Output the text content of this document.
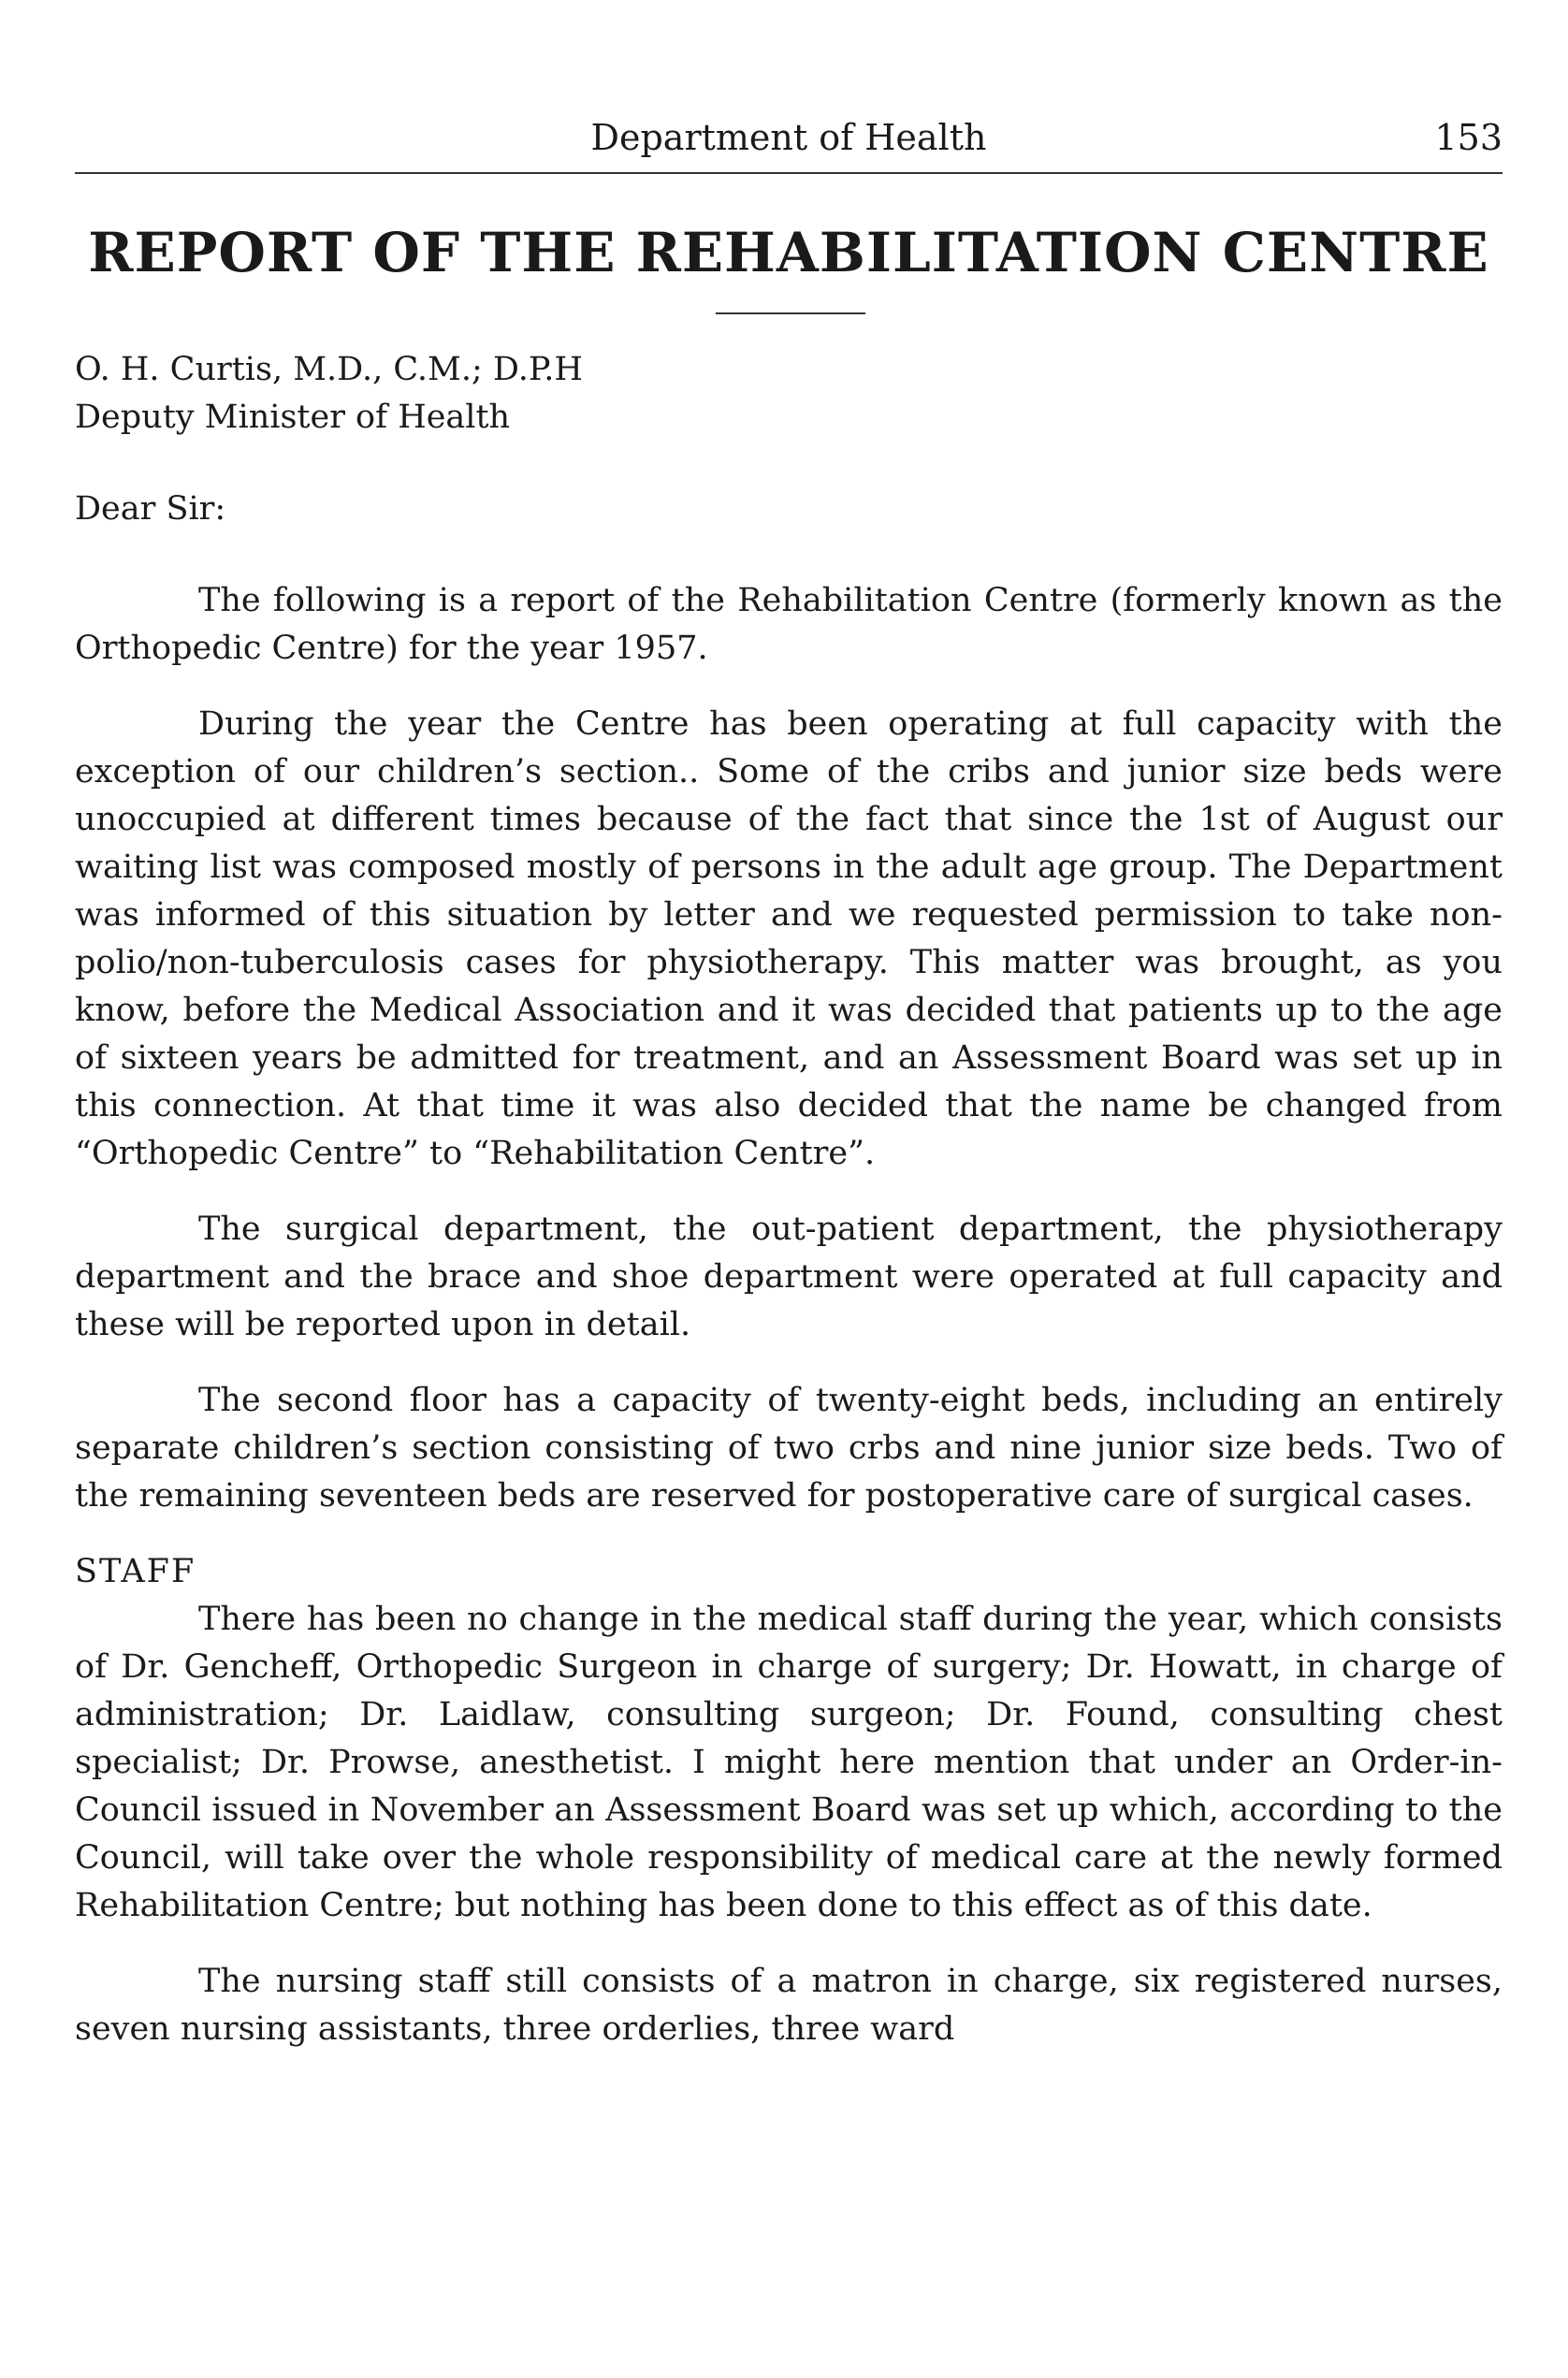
Department of Health	153
REPORT OF THE REHABILITATION CENTRE

O. H. Curtis, M.D., C.M.; D.P.H
Deputy Minister of Health

Dear Sir:

The following is a report of the Rehabilitation Centre (formerly known as the Orthopedic Centre) for the year 1957.

During the year the Centre has been operating at full capacity with the exception of our children’s section.. Some of the cribs and junior size beds were unoccupied at different times because of the fact that since the 1st of August our waiting list was composed mostly of persons in the adult age group. The Department was informed of this situation by letter and we requested permission to take non-polio/non-tuberculosis cases for physiotherapy. This matter was brought, as you know, before the Medical Association and it was decided that patients up to the age of sixteen years be admitted for treatment, and an Assessment Board was set up in this connection. At that time it was also decided that the name be changed from “Orthopedic Centre” to “Rehabilitation Centre”.

The surgical department, the out-patient department, the physiotherapy department and the brace and shoe department were operated at full capacity and these will be reported upon in detail.

The second floor has a capacity of twenty-eight beds, including an entirely separate children’s section consisting of two crbs and nine junior size beds. Two of the remaining seventeen beds are reserved for postoperative care of surgical cases.

STAFF

There has been no change in the medical staff during the year, which consists of Dr. Gencheff, Orthopedic Surgeon in charge of surgery; Dr. Howatt, in charge of administration; Dr. Laidlaw, consulting surgeon; Dr. Found, consulting chest specialist; Dr. Prowse, anesthetist. I might here mention that under an Order-in-Council issued in November an Assessment Board was set up which, according to the Council, will take over the whole responsibility of medical care at the newly formed Rehabilitation Centre; but nothing has been done to this effect as of this date.

The nursing staff still consists of a matron in charge, six registered nurses, seven nursing assistants, three orderlies, three ward
